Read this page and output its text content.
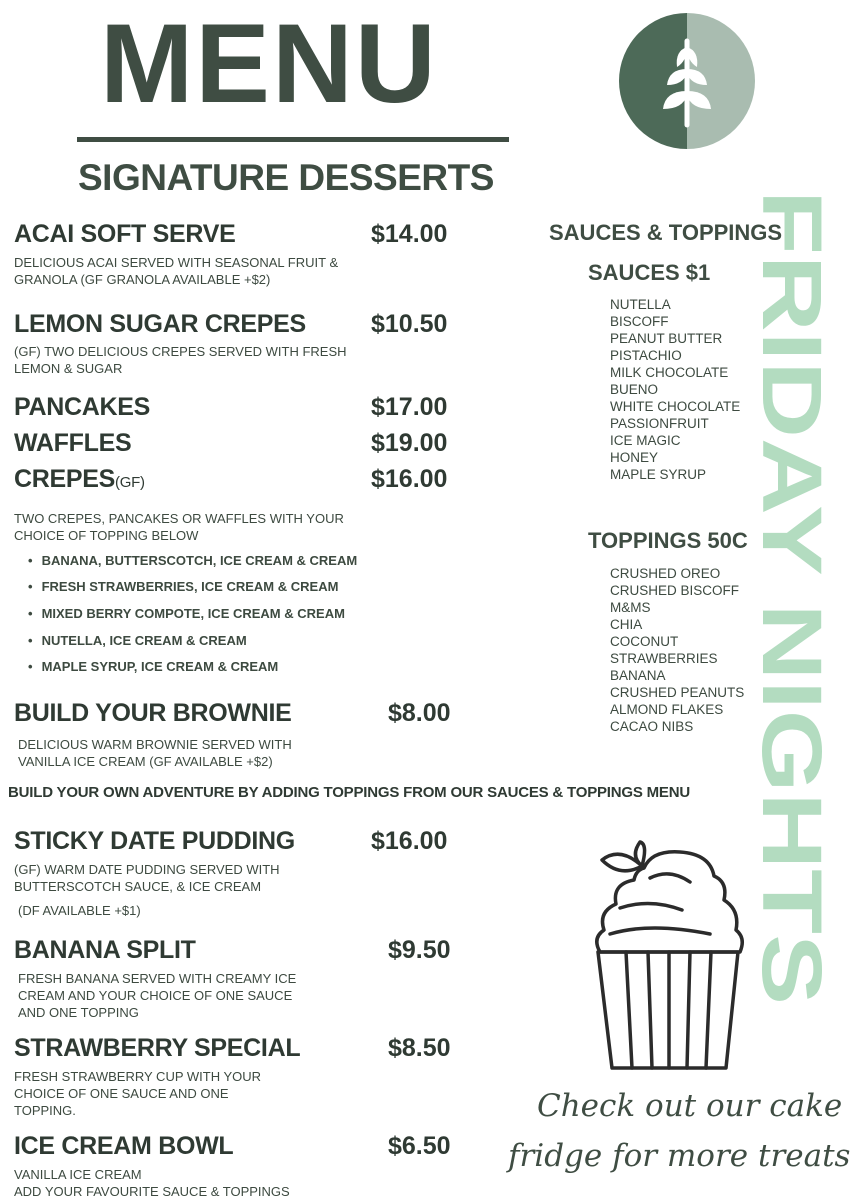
MENU
SIGNATURE DESSERTS
ACAI SOFT SERVE	$14.00
DELICIOUS ACAI SERVED WITH SEASONAL FRUIT &
GRANOLA (GF GRANOLA AVAILABLE +$2)
LEMON SUGAR CREPES	$10.50
(GF) TWO DELICIOUS CREPES SERVED WITH FRESH
LEMON & SUGAR
PANCAKES	$17.00
WAFFLES	$19.00
CREPES(GF)	$16.00
TWO CREPES, PANCAKES OR WAFFLES WITH YOUR
CHOICE OF TOPPING BELOW
• BANANA, BUTTERSCOTCH, ICE CREAM & CREAM
• FRESH STRAWBERRIES, ICE CREAM & CREAM
• MIXED BERRY COMPOTE, ICE CREAM & CREAM
• NUTELLA, ICE CREAM & CREAM
• MAPLE SYRUP, ICE CREAM & CREAM
BUILD YOUR BROWNIE	$8.00
DELICIOUS WARM BROWNIE SERVED WITH
VANILLA ICE CREAM (GF AVAILABLE +$2)
BUILD YOUR OWN ADVENTURE BY ADDING TOPPINGS FROM OUR SAUCES & TOPPINGS MENU
STICKY DATE PUDDING	$16.00
(GF) WARM DATE PUDDING SERVED WITH
BUTTERSCOTCH SAUCE, & ICE CREAM
(DF AVAILABLE +$1)
BANANA SPLIT	$9.50
FRESH BANANA SERVED WITH CREAMY ICE
CREAM AND YOUR CHOICE OF ONE SAUCE
AND ONE TOPPING
STRAWBERRY SPECIAL	$8.50
FRESH STRAWBERRY CUP WITH YOUR
CHOICE OF ONE SAUCE AND ONE
TOPPING.
ICE CREAM BOWL	$6.50
VANILLA ICE CREAM
ADD YOUR FAVOURITE SAUCE & TOPPINGS
FRIDAY NIGHTS
SAUCES & TOPPINGS
SAUCES $1
NUTELLA
BISCOFF
PEANUT BUTTER
PISTACHIO
MILK CHOCOLATE
BUENO
WHITE CHOCOLATE
PASSIONFRUIT
ICE MAGIC
HONEY
MAPLE SYRUP
TOPPINGS 50C
CRUSHED OREO
CRUSHED BISCOFF
M&MS
CHIA
COCONUT
STRAWBERRIES
BANANA
CRUSHED PEANUTS
ALMOND FLAKES
CACAO NIBS
Check out our cake
fridge for more treats
